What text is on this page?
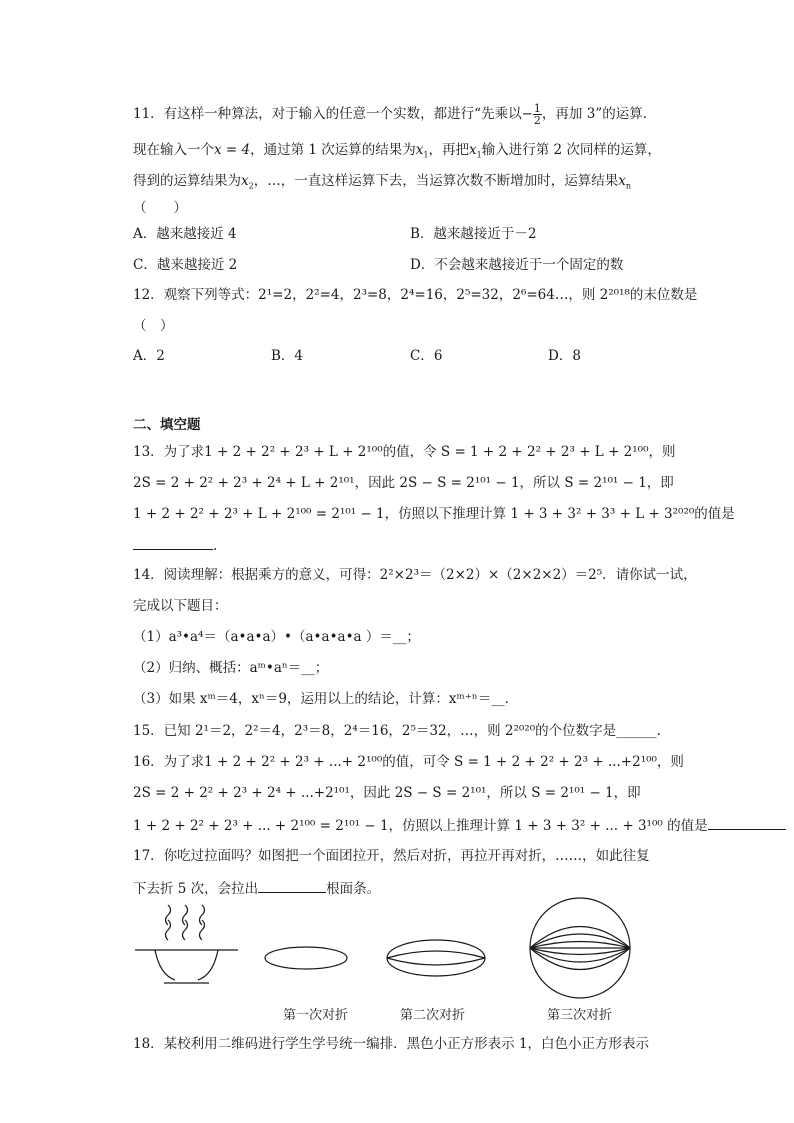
11．有这样一种算法，对于输入的任意一个实数，都进行“先乘以− $\frac{1}{2}$ ，再加 3”的运算.
现在输入一个x = 4，通过第 1 次运算的结果为$x_1$，再把$x_1$输入进行第 2 次同样的运算，
得到的运算结果为$x_2$，…，一直这样运算下去，当运算次数不断增加时，运算结果$x_n$
（　　）
A．越来越接近 4	B．越来越接近于－2
C．越来越接近 2	D．不会越来越接近于一个固定的数
12．观察下列等式：2¹=2，2²=4，2³=8，2⁴=16，2⁵=32，2⁶=64…，则 2²⁰¹⁸的末位数是
（　）
A．2	B．4	C．6	D．8
二、填空题
13．为了求1 + 2 + 2² + 2³ + L + 2¹⁰⁰的值，令 S = 1 + 2 + 2² + 2³ + L + 2¹⁰⁰，则
2S = 2 + 2² + 2³ + 2⁴ + L + 2¹⁰¹，因此 2S − S = 2¹⁰¹ − 1，所以 S = 2¹⁰¹ − 1，即
1 + 2 + 2² + 2³ + L + 2¹⁰⁰ = 2¹⁰¹ − 1，仿照以下推理计算 1 + 3 + 3² + 3³ + L + 3²⁰²⁰的值是
.
14．阅读理解：根据乘方的意义，可得：2²×2³＝（2×2）×（2×2×2）＝2⁵．请你试一试，
完成以下题目：
（1）a³•a⁴＝（a•a•a）•（a•a•a•a ）＝__；
（2）归纳、概括：aᵐ•aⁿ＝__；
（3）如果 xᵐ＝4，xⁿ＝9，运用以上的结论，计算：xᵐ⁺ⁿ＝__．
15．已知 2¹＝2，2²＝4，2³＝8，2⁴＝16，2⁵＝32，…，则 2²⁰²⁰的个位数字是______.
16．为了求1 + 2 + 2² + 2³ + ...+ 2¹⁰⁰的值，可令 S = 1 + 2 + 2² + 2³ + ...+2¹⁰⁰，则
2S = 2 + 2² + 2³ + 2⁴ + ...+2¹⁰¹，因此 2S − S = 2¹⁰¹，所以 S = 2¹⁰¹ − 1，即
1 + 2 + 2² + 2³ + ... + 2¹⁰⁰ = 2¹⁰¹ − 1，仿照以上推理计算 1 + 3 + 3² + ... + 3¹⁰⁰ 的值是
17．你吃过拉面吗？如图把一个面团拉开，然后对折，再拉开再对折，……，如此往复
下去折 5 次，会拉出	根面条。
第一次对折	第二次对折	第三次对折
18．某校利用二维码进行学生学号统一编排．黑色小正方形表示 1，白色小正方形表示
